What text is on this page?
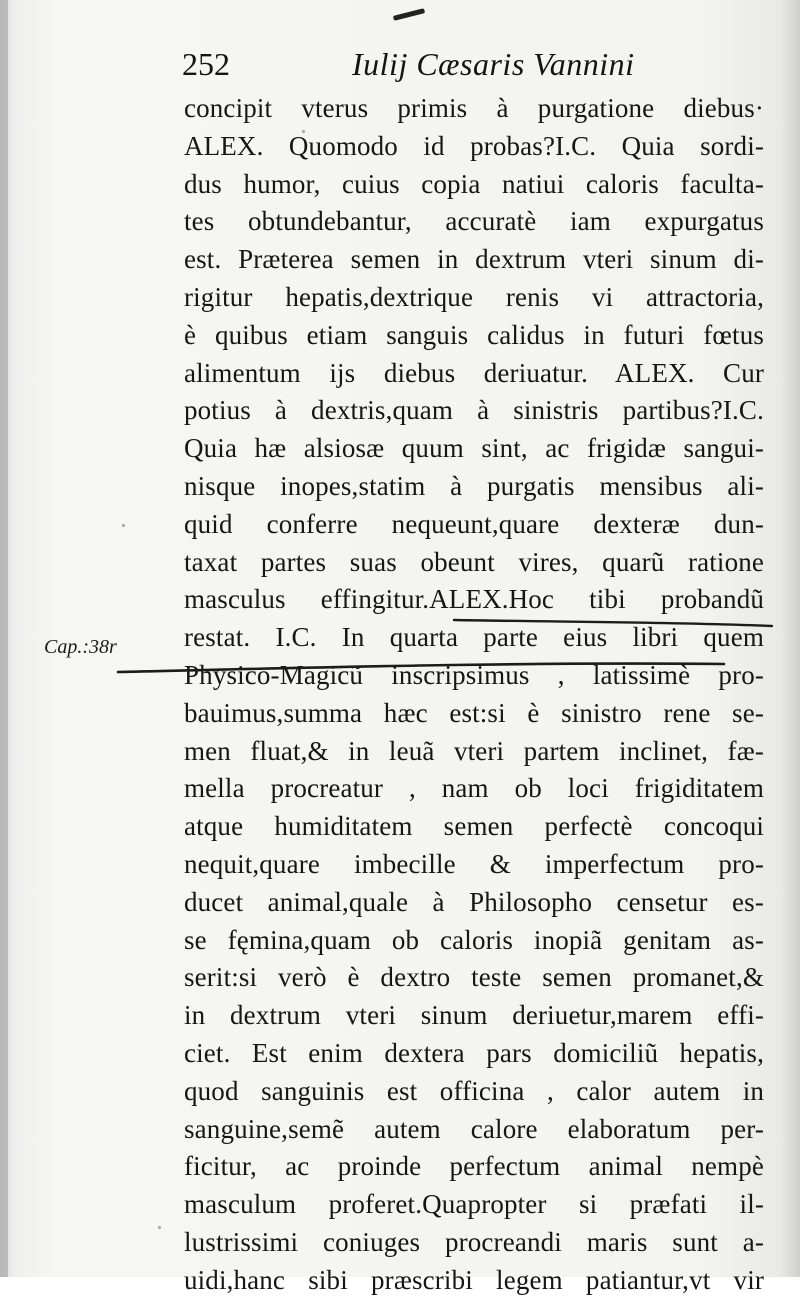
252	Iulij Cæsaris Vannini
Cap.:38r
concipit vterus primis à purgatione diebus·
ALEX. Quomodo id probas?I.C. Quia sordi-
dus humor, cuius copia natiui caloris faculta-
tes obtundebantur, accuratè iam expurgatus
est. Præterea semen in dextrum vteri sinum di-
rigitur hepatis,dextrique renis vi attractoria,
è quibus etiam sanguis calidus in futuri fœtus
alimentum ijs diebus deriuatur. ALEX. Cur
potius à dextris,quam à sinistris partibus?I.C.
Quia hæ alsiosæ quum sint, ac frigidæ sangui-
nisque inopes,statim à purgatis mensibus ali-
quid conferre nequeunt,quare dexteræ dun-
taxat partes suas obeunt vires, quarũ ratione
masculus effingitur.ALEX.Hoc tibi probandũ
restat. I.C. In quarta parte eius libri quem
Physico-Magicũ inscripsimus , latissimè pro-
bauimus,summa hæc est:si è sinistro rene se-
men fluat,& in leuã vteri partem inclinet, fæ-
mella procreatur , nam ob loci frigiditatem
atque humiditatem semen perfectè concoqui
nequit,quare imbecille & imperfectum pro-
ducet animal,quale à Philosopho censetur es-
se fęmina,quam ob caloris inopiã genitam as-
serit:si verò è dextro teste semen promanet,&
in dextrum vteri sinum deriuetur,marem effi-
ciet. Est enim dextera pars domiciliũ hepatis,
quod sanguinis est officina , calor autem in
sanguine,semẽ autem calore elaboratum per-
ficitur, ac proinde perfectum animal nempè
masculum proferet.Quapropter si præfati il-
lustrissimi coniuges procreandi maris sunt a-
uidi,hanc sibi præscribi legem patiantur,vt vir
